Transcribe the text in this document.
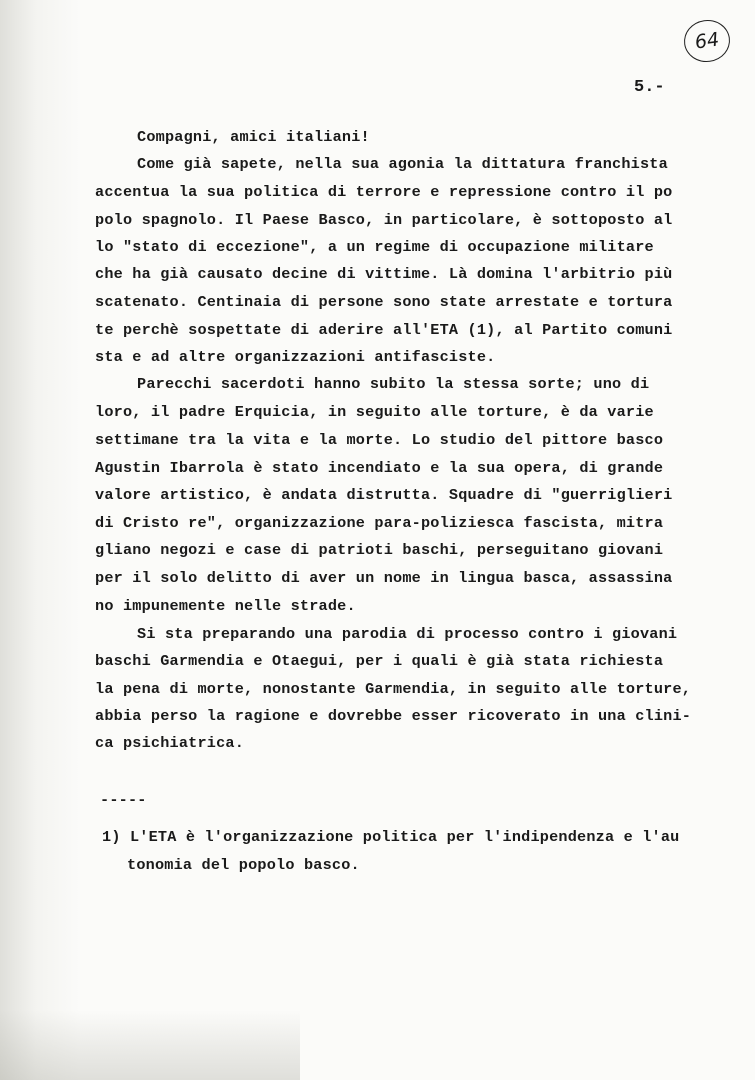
64
5.-
Compagni, amici italiani!
Come già sapete, nella sua agonia la dittatura franchista
accentua la sua politica di terrore e repressione contro il po
polo spagnolo. Il Paese Basco, in particolare, è sottoposto al
lo "stato di eccezione", a un regime di occupazione militare
che ha già causato decine di vittime. Là domina l'arbitrio più
scatenato. Centinaia di persone sono state arrestate e tortura
te perchè sospettate di aderire all'ETA (1), al Partito comuni
sta e ad altre organizzazioni antifasciste.
Parecchi sacerdoti hanno subito la stessa sorte; uno di
loro, il padre Erquicia, in seguito alle torture, è da varie
settimane tra la vita e la morte. Lo studio del pittore basco
Agustin Ibarrola è stato incendiato e la sua opera, di grande
valore artistico, è andata distrutta. Squadre di "guerriglieri
di Cristo re", organizzazione para-poliziesca fascista, mitra
gliano negozi e case di patrioti baschi, perseguitano giovani
per il solo delitto di aver un nome in lingua basca, assassina
no impunemente nelle strade.
Si sta preparando una parodia di processo contro i giovani
baschi Garmendia e Otaegui, per i quali è già stata richiesta
la pena di morte, nonostante Garmendia, in seguito alle torture,
abbia perso la ragione e dovrebbe esser ricoverato in una clini-
ca psichiatrica.
-----
1) L'ETA è l'organizzazione politica per l'indipendenza e l'au
tonomia del popolo basco.
